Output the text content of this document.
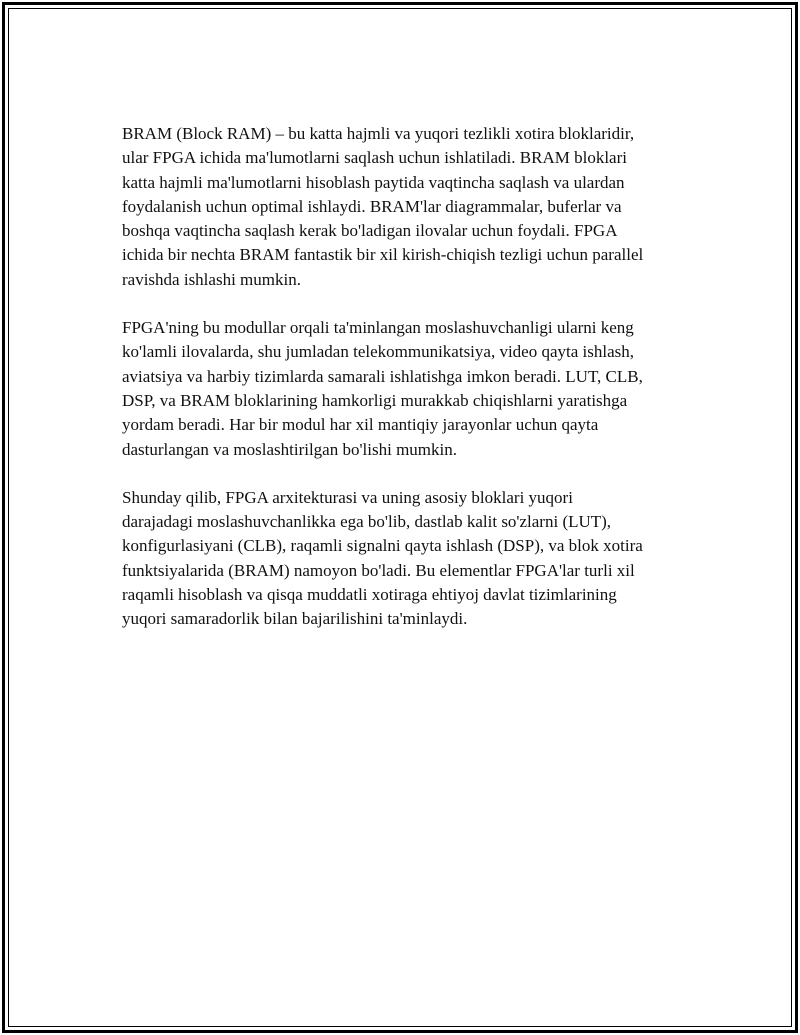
BRAM (Block RAM) – bu katta hajmli va yuqori tezlikli xotira bloklaridir,
ular FPGA ichida ma'lumotlarni saqlash uchun ishlatiladi. BRAM bloklari
katta hajmli ma'lumotlarni hisoblash paytida vaqtincha saqlash va ulardan
foydalanish uchun optimal ishlaydi. BRAM'lar diagrammalar, buferlar va
boshqa vaqtincha saqlash kerak bo'ladigan ilovalar uchun foydali. FPGA
ichida bir nechta BRAM fantastik bir xil kirish-chiqish tezligi uchun parallel
ravishda ishlashi mumkin.

FPGA'ning bu modullar orqali ta'minlangan moslashuvchanligi ularni keng
ko'lamli ilovalarda, shu jumladan telekommunikatsiya, video qayta ishlash,
aviatsiya va harbiy tizimlarda samarali ishlatishga imkon beradi. LUT, CLB,
DSP, va BRAM bloklarining hamkorligi murakkab chiqishlarni yaratishga
yordam beradi. Har bir modul har xil mantiqiy jarayonlar uchun qayta
dasturlangan va moslashtirilgan bo'lishi mumkin.

Shunday qilib, FPGA arxitekturasi va uning asosiy bloklari yuqori
darajadagi moslashuvchanlikka ega bo'lib, dastlab kalit so'zlarni (LUT),
konfigurlasiyani (CLB), raqamli signalni qayta ishlash (DSP), va blok xotira
funktsiyalarida (BRAM) namoyon bo'ladi. Bu elementlar FPGA'lar turli xil
raqamli hisoblash va qisqa muddatli xotiraga ehtiyoj davlat tizimlarining
yuqori samaradorlik bilan bajarilishini ta'minlaydi.
